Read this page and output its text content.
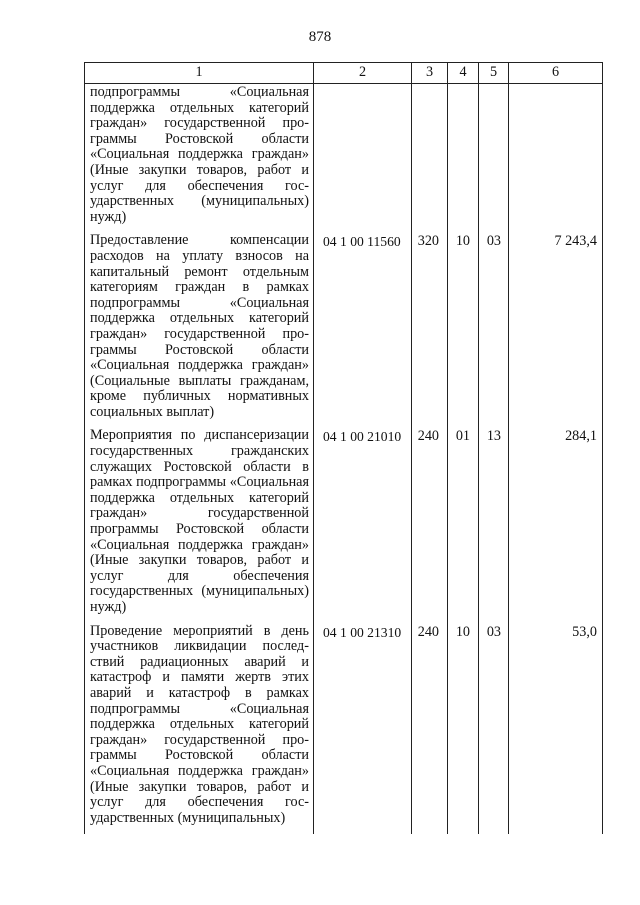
878
1	2	3	4	5	6
подпрограммы «Социальная поддержка отдельных категорий граждан» государственной программы Ростовской области «Социальная поддержка граждан» (Иные закупки товаров, работ и услуг для обеспечения государственных (муниципальных) нужд)					
Предоставление компенсации расходов на уплату взносов на капитальный ремонт отдельным категориям граждан в рамках подпрограммы «Социальная поддержка отдельных категорий граждан» государственной программы Ростовской области «Социальная поддержка граждан» (Социальные выплаты гражданам, кроме публичных нормативных социальных выплат)	04 1 00 11560	320	10	03	7 243,4
Мероприятия по диспансеризации государственных гражданских служащих Ростовской области в рамках подпрограммы «Социальная поддержка отдельных категорий граждан» государственной программы Ростовской области «Социальная поддержка граждан» (Иные закупки товаров, работ и услуг для обеспечения государственных (муниципальных) нужд)	04 1 00 21010	240	01	13	284,1
Проведение мероприятий в день участников ликвидации последствий радиационных аварий и катастроф и памяти жертв этих аварий и катастроф в рамках подпрограммы «Социальная поддержка отдельных категорий граждан» государственной программы Ростовской области «Социальная поддержка граждан» (Иные закупки товаров, работ и услуг для обеспечения государственных (муниципальных)	04 1 00 21310	240	10	03	53,0
